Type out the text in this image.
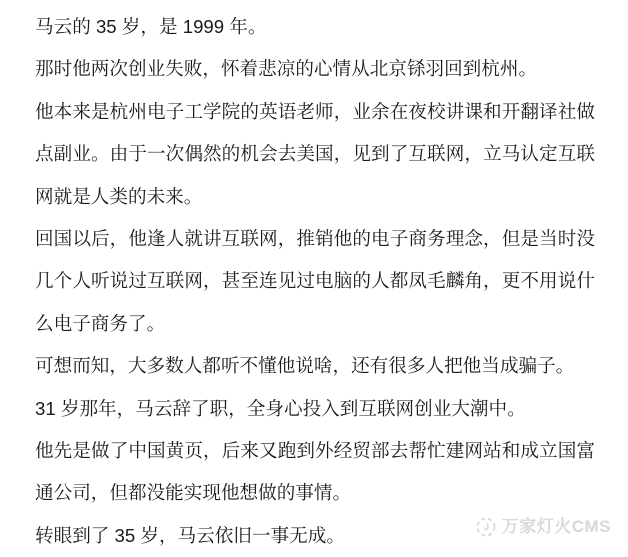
马云的 35 岁，是 1999 年。

那时他两次创业失败，怀着悲凉的心情从北京铩羽回到杭州。

他本来是杭州电子工学院的英语老师，业余在夜校讲课和开翻译社做点副业。由于一次偶然的机会去美国，见到了互联网，立马认定互联网就是人类的未来。

回国以后，他逢人就讲互联网，推销他的电子商务理念，但是当时没几个人听说过互联网，甚至连见过电脑的人都凤毛麟角，更不用说什么电子商务了。

可想而知，大多数人都听不懂他说啥，还有很多人把他当成骗子。

31 岁那年，马云辞了职，全身心投入到互联网创业大潮中。

他先是做了中国黄页，后来又跑到外经贸部去帮忙建网站和成立国富通公司，但都没能实现他想做的事情。

转眼到了 35 岁，马云依旧一事无成。	万家灯火CMS
